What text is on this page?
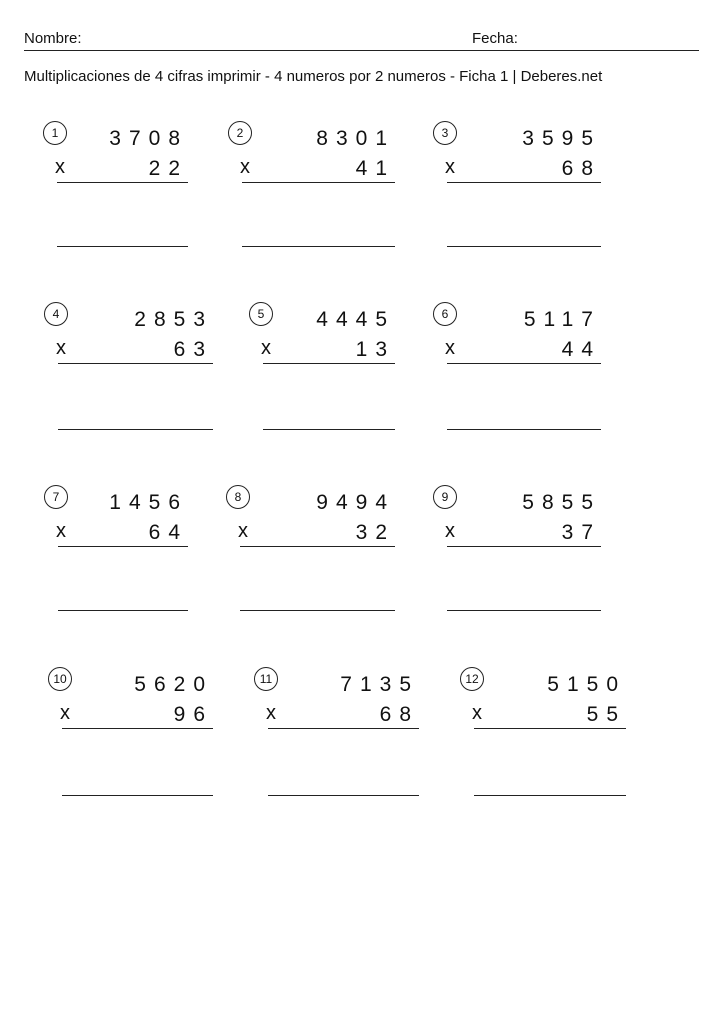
Nombre:	Fecha:
Multiplicaciones de 4 cifras imprimir - 4 numeros por 2 numeros - Ficha 1 | Deberes.net
1	3708
x	22
2	8301
x	41
3	3595
x	68
4	2853
x	63
5	4445
x	13
6	5117
x	44
7	1456
x	64
8	9494
x	32
9	5855
x	37
10	5620
x	96
11	7135
x	68
12	5150
x	55
